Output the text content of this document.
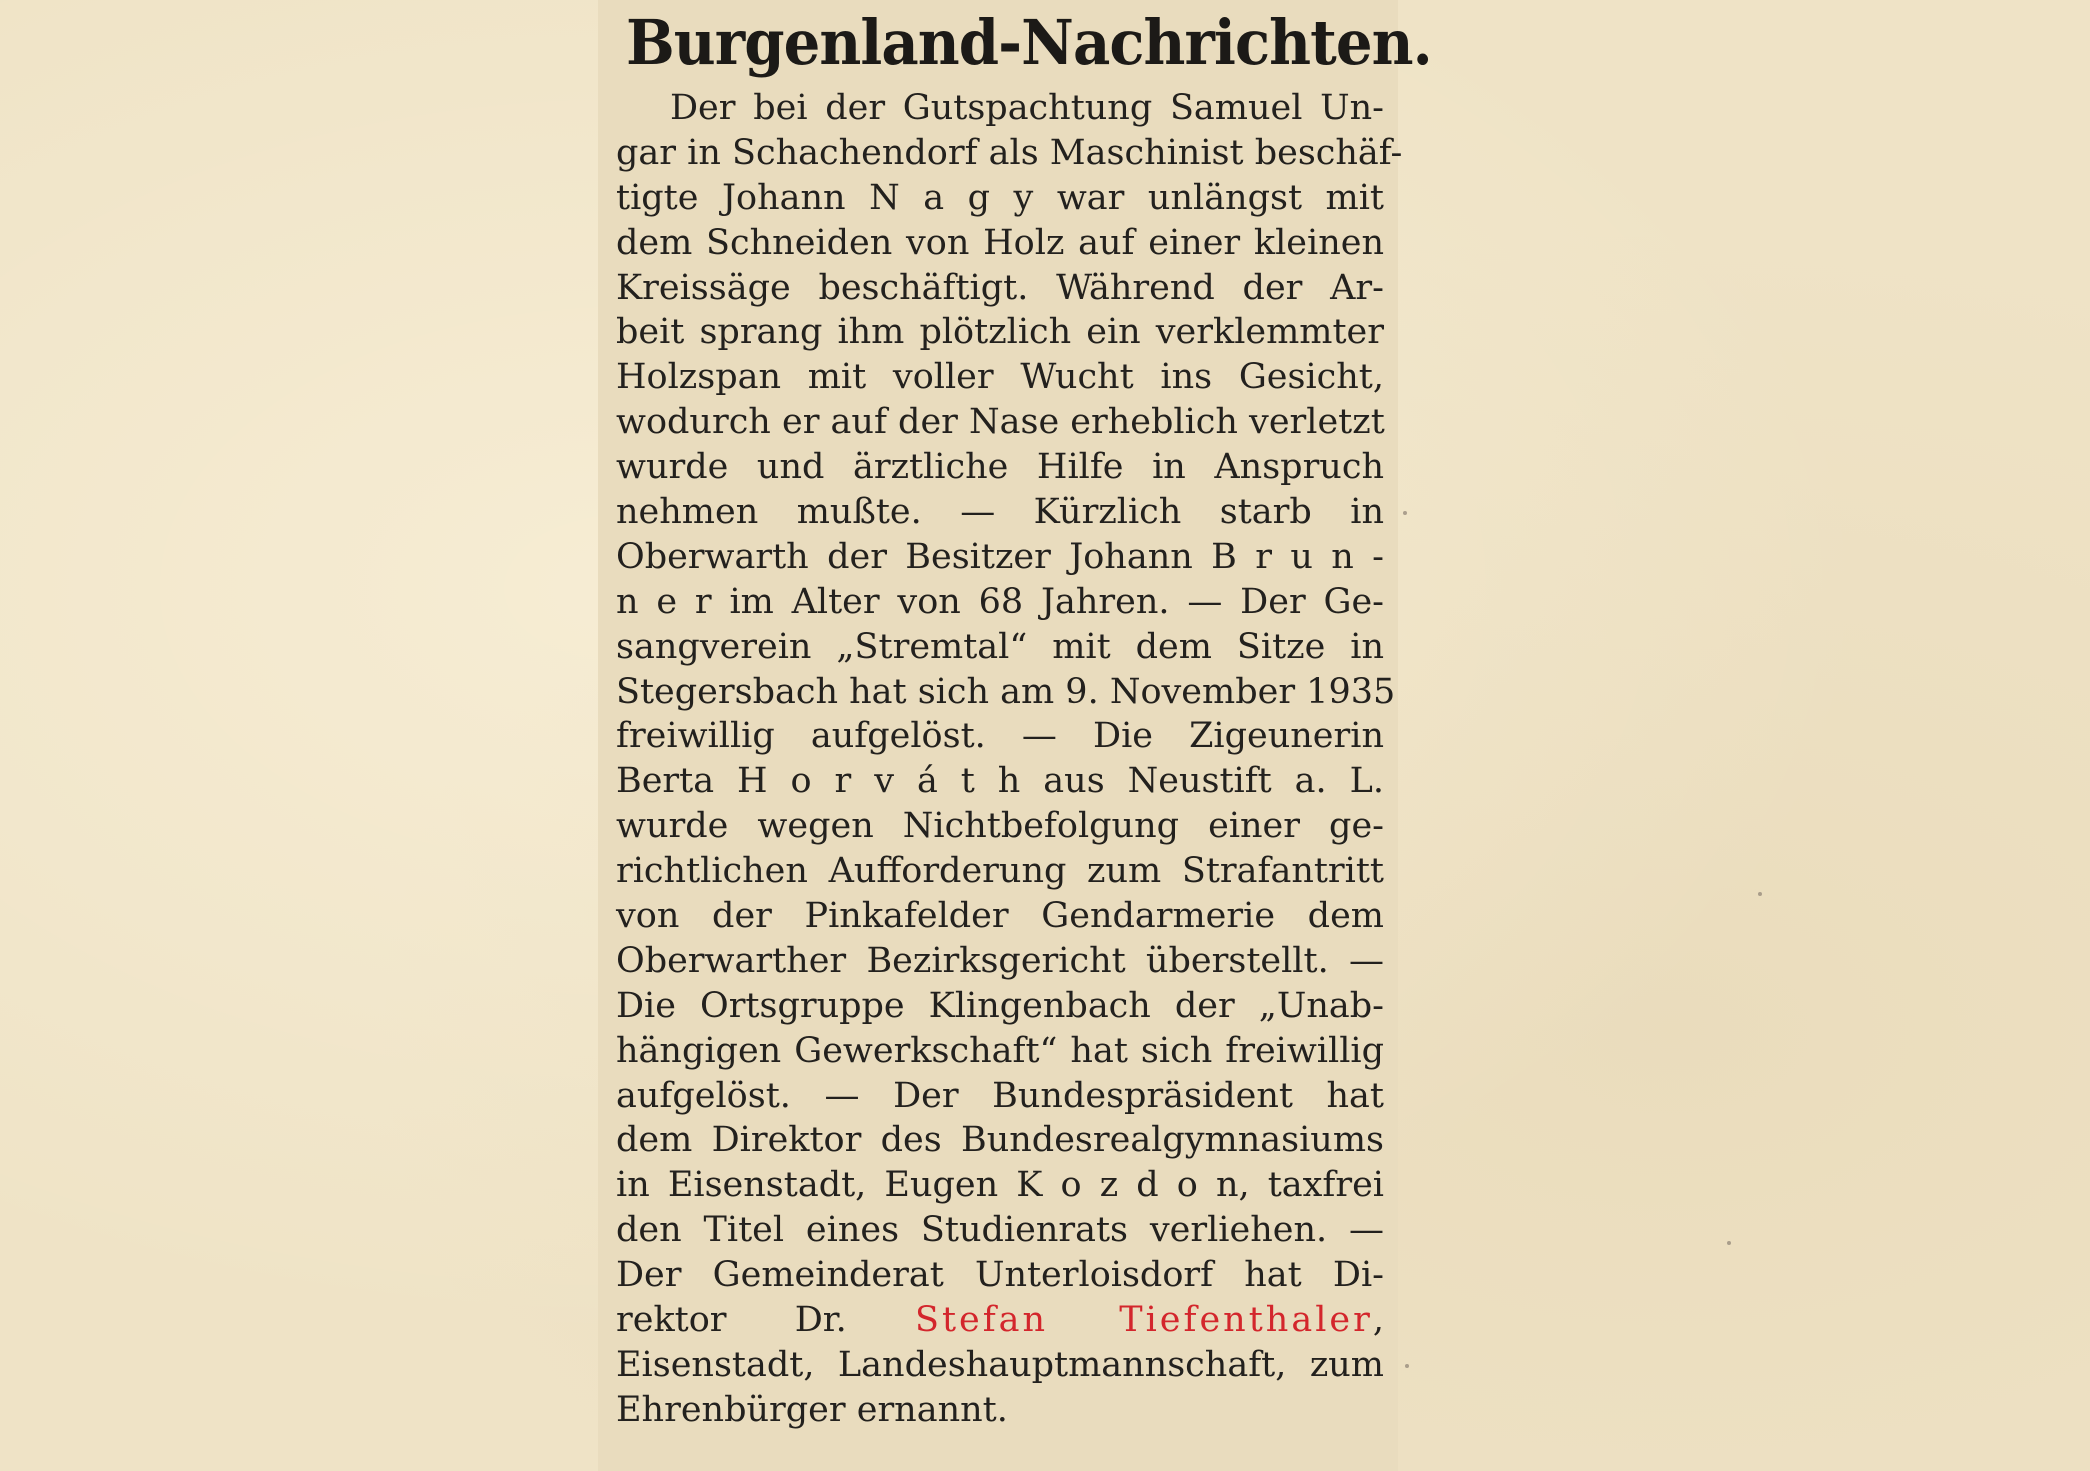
Burgenland-Nachrichten.
Der bei der Gutspachtung Samuel Un-
gar in Schachendorf als Maschinist beschäf-
tigte Johann N a g y war unlängst mit
dem Schneiden von Holz auf einer kleinen
Kreissäge beschäftigt. Während der Ar-
beit sprang ihm plötzlich ein verklemmter
Holzspan mit voller Wucht ins Gesicht,
wodurch er auf der Nase erheblich verletzt
wurde und ärztliche Hilfe in Anspruch
nehmen mußte. — Kürzlich starb in
Oberwarth der Besitzer Johann B r u n -
n e r im Alter von 68 Jahren. — Der Ge-
sangverein „Stremtal“ mit dem Sitze in
Stegersbach hat sich am 9. November 1935
freiwillig aufgelöst. — Die Zigeunerin
Berta H o r v á t h aus Neustift a. L.
wurde wegen Nichtbefolgung einer ge-
richtlichen Aufforderung zum Strafantritt
von der Pinkafelder Gendarmerie dem
Oberwarther Bezirksgericht überstellt. —
Die Ortsgruppe Klingenbach der „Unab-
hängigen Gewerkschaft“ hat sich freiwillig
aufgelöst. — Der Bundespräsident hat
dem Direktor des Bundesrealgymnasiums
in Eisenstadt, Eugen K o z d o n, taxfrei
den Titel eines Studienrats verliehen. —
Der Gemeinderat Unterloisdorf hat Di-
rektor Dr. Stefan Tiefenthaler,
Eisenstadt, Landeshauptmannschaft, zum
Ehrenbürger ernannt.
